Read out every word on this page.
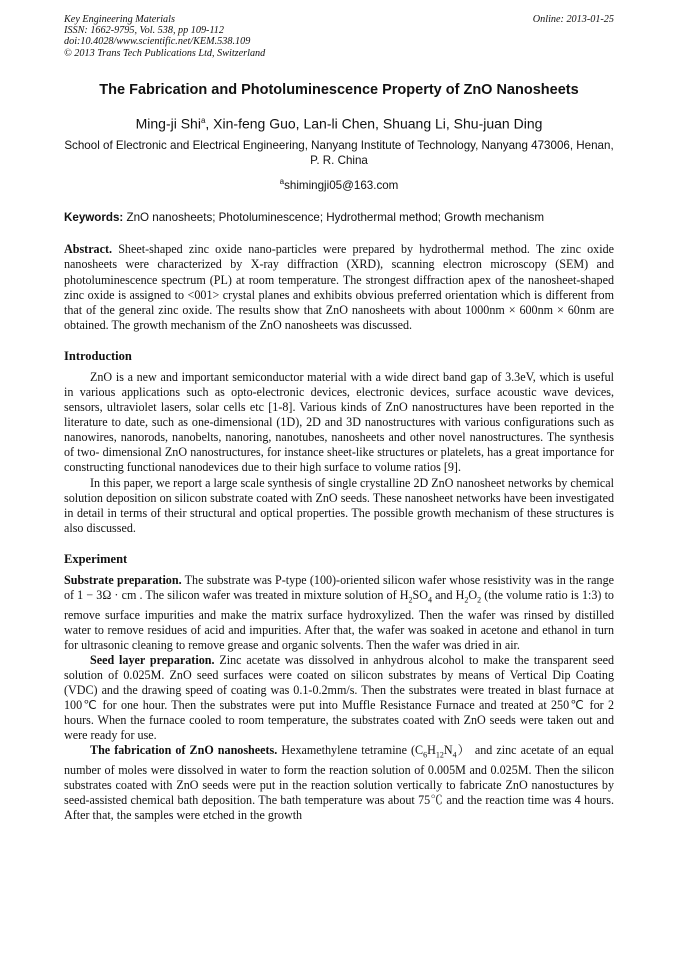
Key Engineering Materials
ISSN: 1662-9795, Vol. 538, pp 109-112
doi:10.4028/www.scientific.net/KEM.538.109
© 2013 Trans Tech Publications Ltd, Switzerland
Online: 2013-01-25
The Fabrication and Photoluminescence Property of ZnO Nanosheets
Ming-ji Shi$^a$, Xin-feng Guo, Lan-li Chen, Shuang Li, Shu-juan Ding
School of Electronic and Electrical Engineering, Nanyang Institute of Technology, Nanyang 473006, Henan, P. R. China
$^a$shimingji05@163.com
Keywords: ZnO nanosheets; Photoluminescence; Hydrothermal method; Growth mechanism

Abstract. Sheet-shaped zinc oxide nano-particles were prepared by hydrothermal method. The zinc oxide nanosheets were characterized by X-ray diffraction (XRD), scanning electron microscopy (SEM) and photoluminescence spectrum (PL) at room temperature. The strongest diffraction apex of the nanosheet-shaped zinc oxide is assigned to <001> crystal planes and exhibits obvious preferred orientation which is different from that of the general zinc oxide. The results show that ZnO nanosheets with about 1000nm × 600nm × 60nm are obtained. The growth mechanism of the ZnO nanosheets was discussed.

Introduction

ZnO is a new and important semiconductor material with a wide direct band gap of 3.3eV, which is useful in various applications such as opto-electronic devices, electronic devices, surface acoustic wave devices, sensors, ultraviolet lasers, solar cells etc [1-8]. Various kinds of ZnO nanostructures have been reported in the literature to date, such as one-dimensional (1D), 2D and 3D nanostructures with various configurations such as nanowires, nanorods, nanobelts, nanoring, nanotubes, nanosheets and other novel nanostructures. The synthesis of two- dimensional ZnO nanostructures, for instance sheet-like structures or platelets, has a great importance for constructing functional nanodevices due to their high surface to volume ratios [9].

In this paper, we report a large scale synthesis of single crystalline 2D ZnO nanosheet networks by chemical solution deposition on silicon substrate coated with ZnO seeds. These nanosheet networks have been investigated in detail in terms of their structural and optical properties. The possible growth mechanism of these structures is also discussed.

Experiment

Substrate preparation. The substrate was P-type (100)-oriented silicon wafer whose resistivity was in the range of 1 − 3Ω · cm . The silicon wafer was treated in mixture solution of $H_2SO_4$ and $H_2O_2$ (the volume ratio is 1:3) to remove surface impurities and make the matrix surface hydroxylized. Then the wafer was rinsed by distilled water to remove residues of acid and impurities. After that, the wafer was soaked in acetone and ethanol in turn for ultrasonic cleaning to remove grease and organic solvents. Then the wafer was dried in air.

Seed layer preparation. Zinc acetate was dissolved in anhydrous alcohol to make the transparent seed solution of 0.025M. ZnO seed surfaces were coated on silicon substrates by means of Vertical Dip Coating (VDC) and the drawing speed of coating was 0.1-0.2mm/s. Then the substrates were treated in blast furnace at 100℃ for one hour. Then the substrates were put into Muffle Resistance Furnace and treated at 250℃ for 2 hours. When the furnace cooled to room temperature, the substrates coated with ZnO seeds were taken out and were ready for use.

The fabrication of ZnO nanosheets. Hexamethylene tetramine $(C_6H_{12}N_4)$ and zinc acetate of an equal number of moles were dissolved in water to form the reaction solution of 0.005M and 0.025M. Then the silicon substrates coated with ZnO seeds were put in the reaction solution vertically to fabricate ZnO nanostuctures by seed-assisted chemical bath deposition. The bath temperature was about 75℃ and the reaction time was 4 hours. After that, the samples were etched in the growth
